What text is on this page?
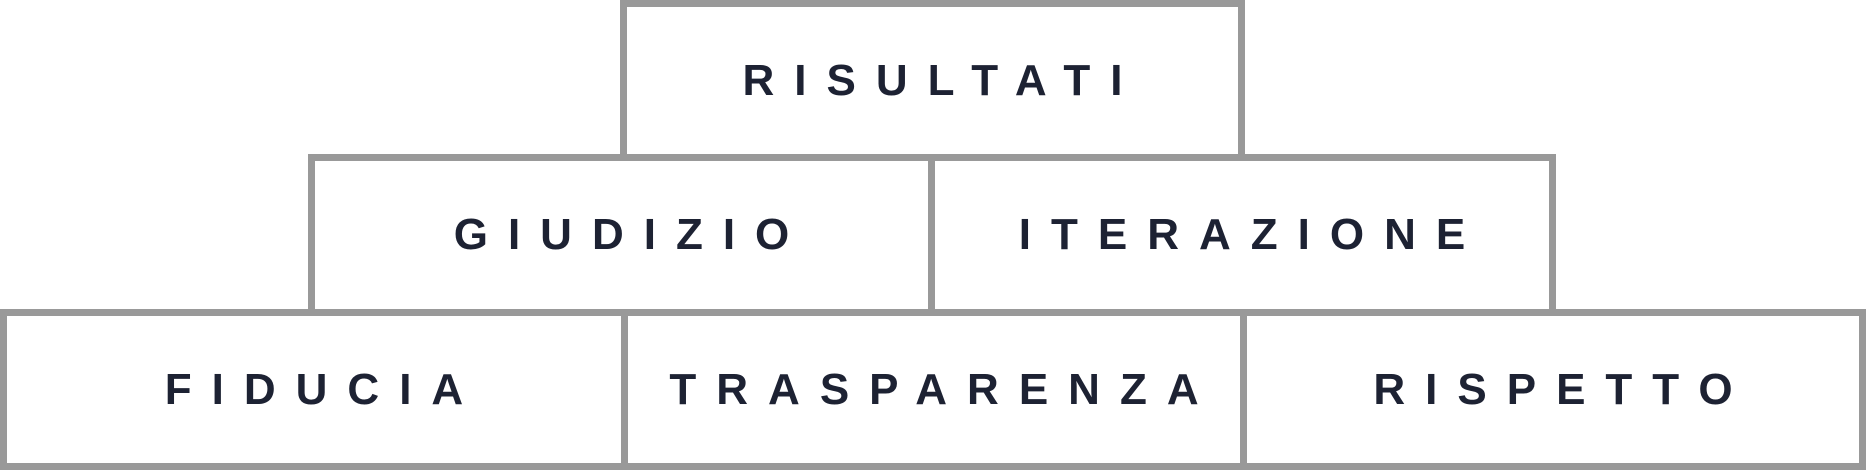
RISULTATI
GIUDIZIO	ITERAZIONE
FIDUCIA	TRASPARENZA	RISPETTO
